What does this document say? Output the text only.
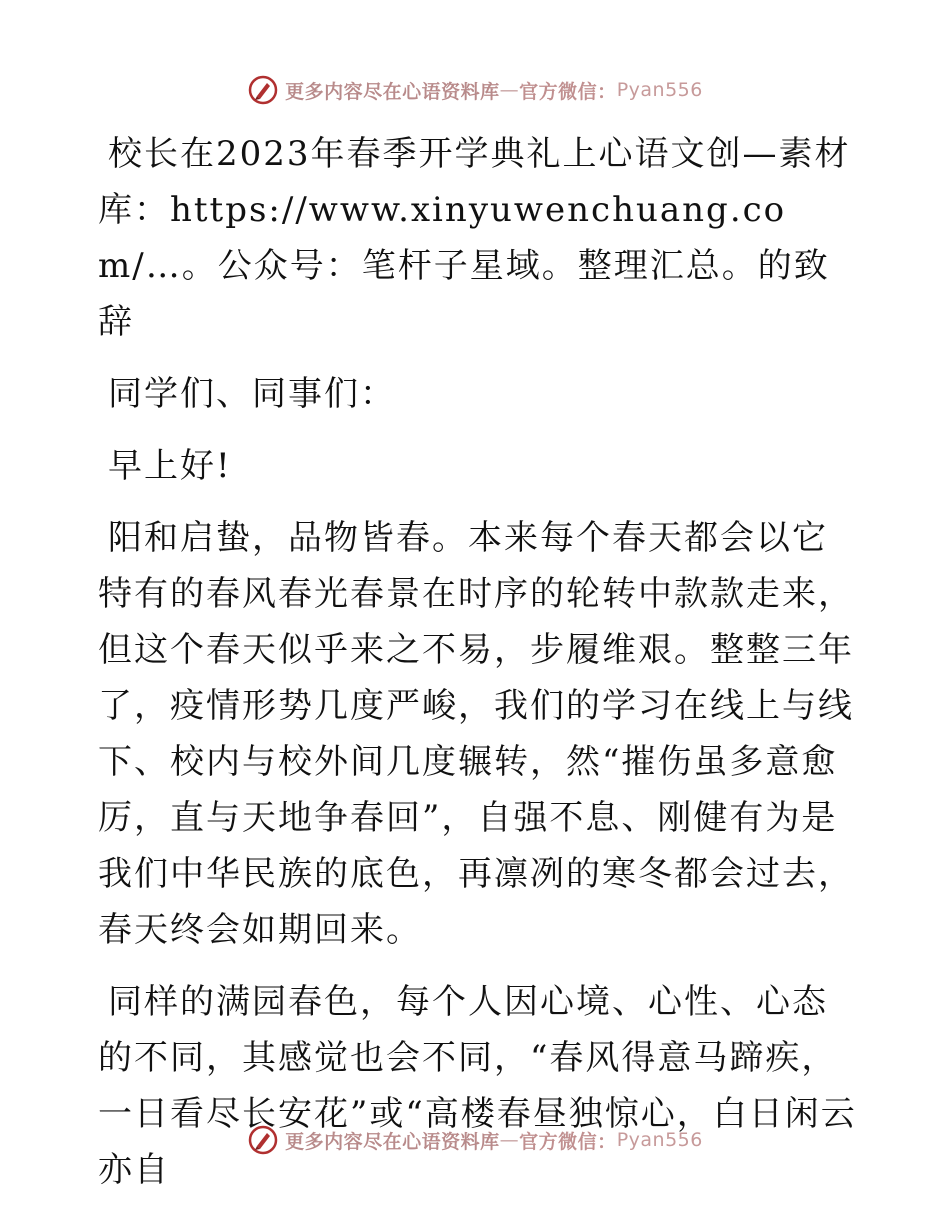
更多内容尽在心语资料库 — 官方微信： Pyan556

校长在2023年春季开学典礼上心语文创—素材库：https://www.xinyuwenchuang.com/…。公众号：笔杆子星域。整理汇总。的致辞

同学们、同事们：

早上好!

阳和启蛰，品物皆春。本来每个春天都会以它特有的春风春光春景在时序的轮转中款款走来，但这个春天似乎来之不易，步履维艰。整整三年了，疫情形势几度严峻，我们的学习在线上与线下、校内与校外间几度辗转，然“摧伤虽多意愈厉，直与天地争春回”，自强不息、刚健有为是我们中华民族的底色，再凛冽的寒冬都会过去，春天终会如期回来。

同样的满园春色，每个人因心境、心性、心态的不同，其感觉也会不同，“春风得意马蹄疾，一日看尽长安花”或“高楼春昼独惊心，白日闲云亦自

更多内容尽在心语资料库 — 官方微信： Pyan556
